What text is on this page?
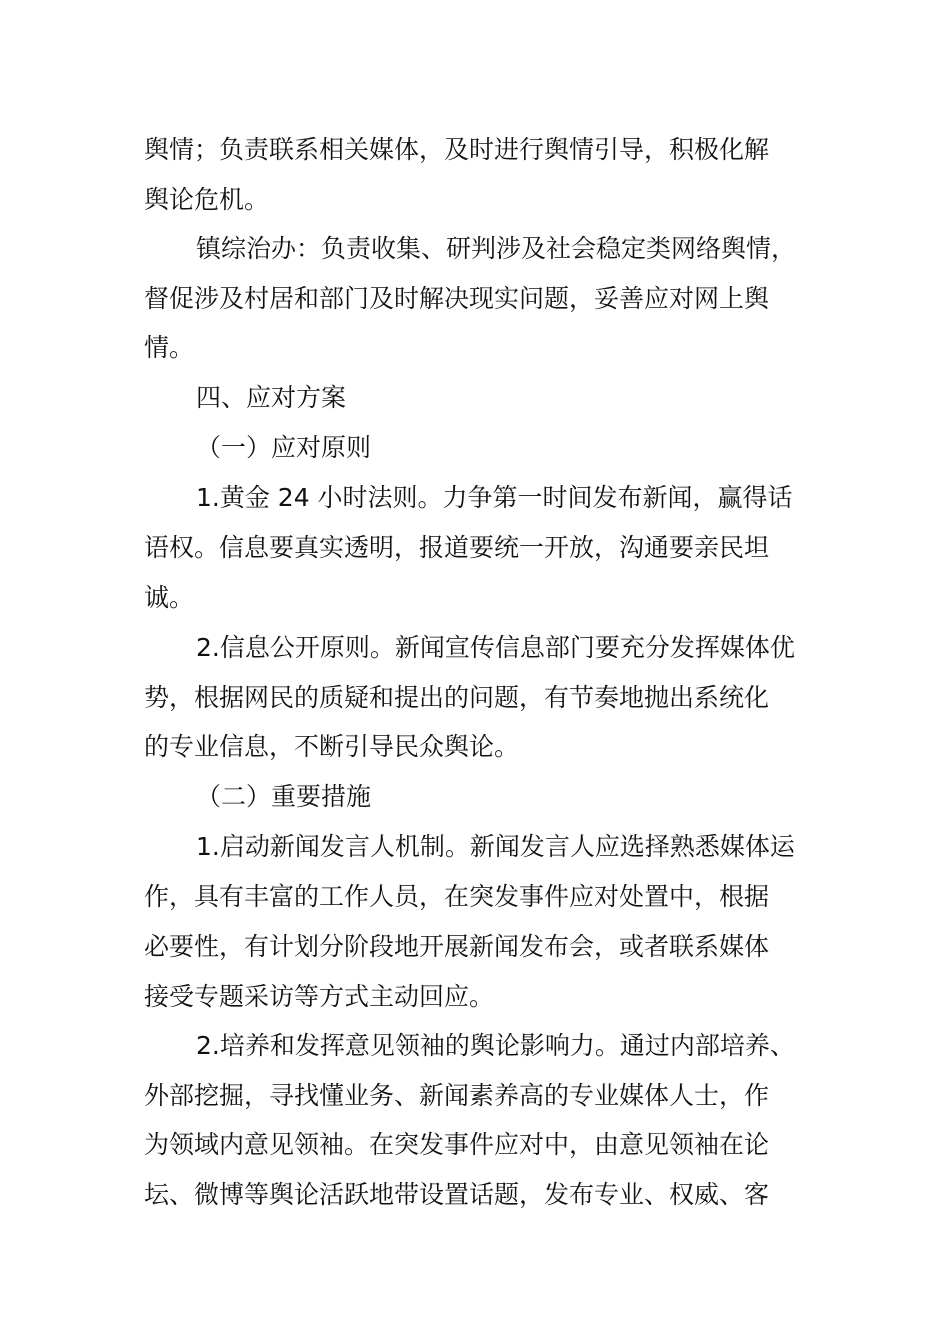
舆情；负责联系相关媒体，及时进行舆情引导，积极化解
舆论危机。
镇综治办：负责收集、研判涉及社会稳定类网络舆情，
督促涉及村居和部门及时解决现实问题，妥善应对网上舆
情。
四、应对方案
（一）应对原则
1.黄金 24 小时法则。力争第一时间发布新闻，赢得话
语权。信息要真实透明，报道要统一开放，沟通要亲民坦
诚。
2.信息公开原则。新闻宣传信息部门要充分发挥媒体优
势，根据网民的质疑和提出的问题，有节奏地抛出系统化
的专业信息，不断引导民众舆论。
（二）重要措施
1.启动新闻发言人机制。新闻发言人应选择熟悉媒体运
作，具有丰富的工作人员，在突发事件应对处置中，根据
必要性，有计划分阶段地开展新闻发布会，或者联系媒体
接受专题采访等方式主动回应。
2.培养和发挥意见领袖的舆论影响力。通过内部培养、
外部挖掘，寻找懂业务、新闻素养高的专业媒体人士，作
为领域内意见领袖。在突发事件应对中，由意见领袖在论
坛、微博等舆论活跃地带设置话题，发布专业、权威、客
